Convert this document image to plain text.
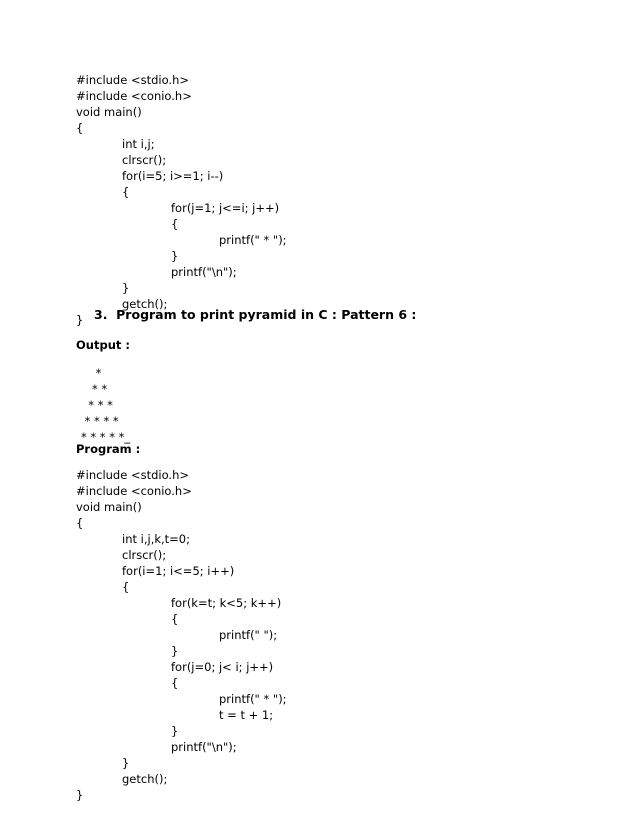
#include <stdio.h>
#include <conio.h>
void main()
{
int i,j;
clrscr();
for(i=5; i>=1; i--)
{
for(j=1; j<=i; j++)
{
printf(" * ");
}
printf("\n");
}
getch();
} 3.  Program to print pyramid in C : Pattern 6 :
Output :
*
* *
* * *
* * * *
* * * * *_
Program :
#include <stdio.h>
#include <conio.h>
void main()
{
int i,j,k,t=0;
clrscr();
for(i=1; i<=5; i++)
{
for(k=t; k<5; k++)
{
printf(" ");
}
for(j=0; j< i; j++)
{
printf(" * ");
t = t + 1;
}
printf("\n");
}
getch();
}
